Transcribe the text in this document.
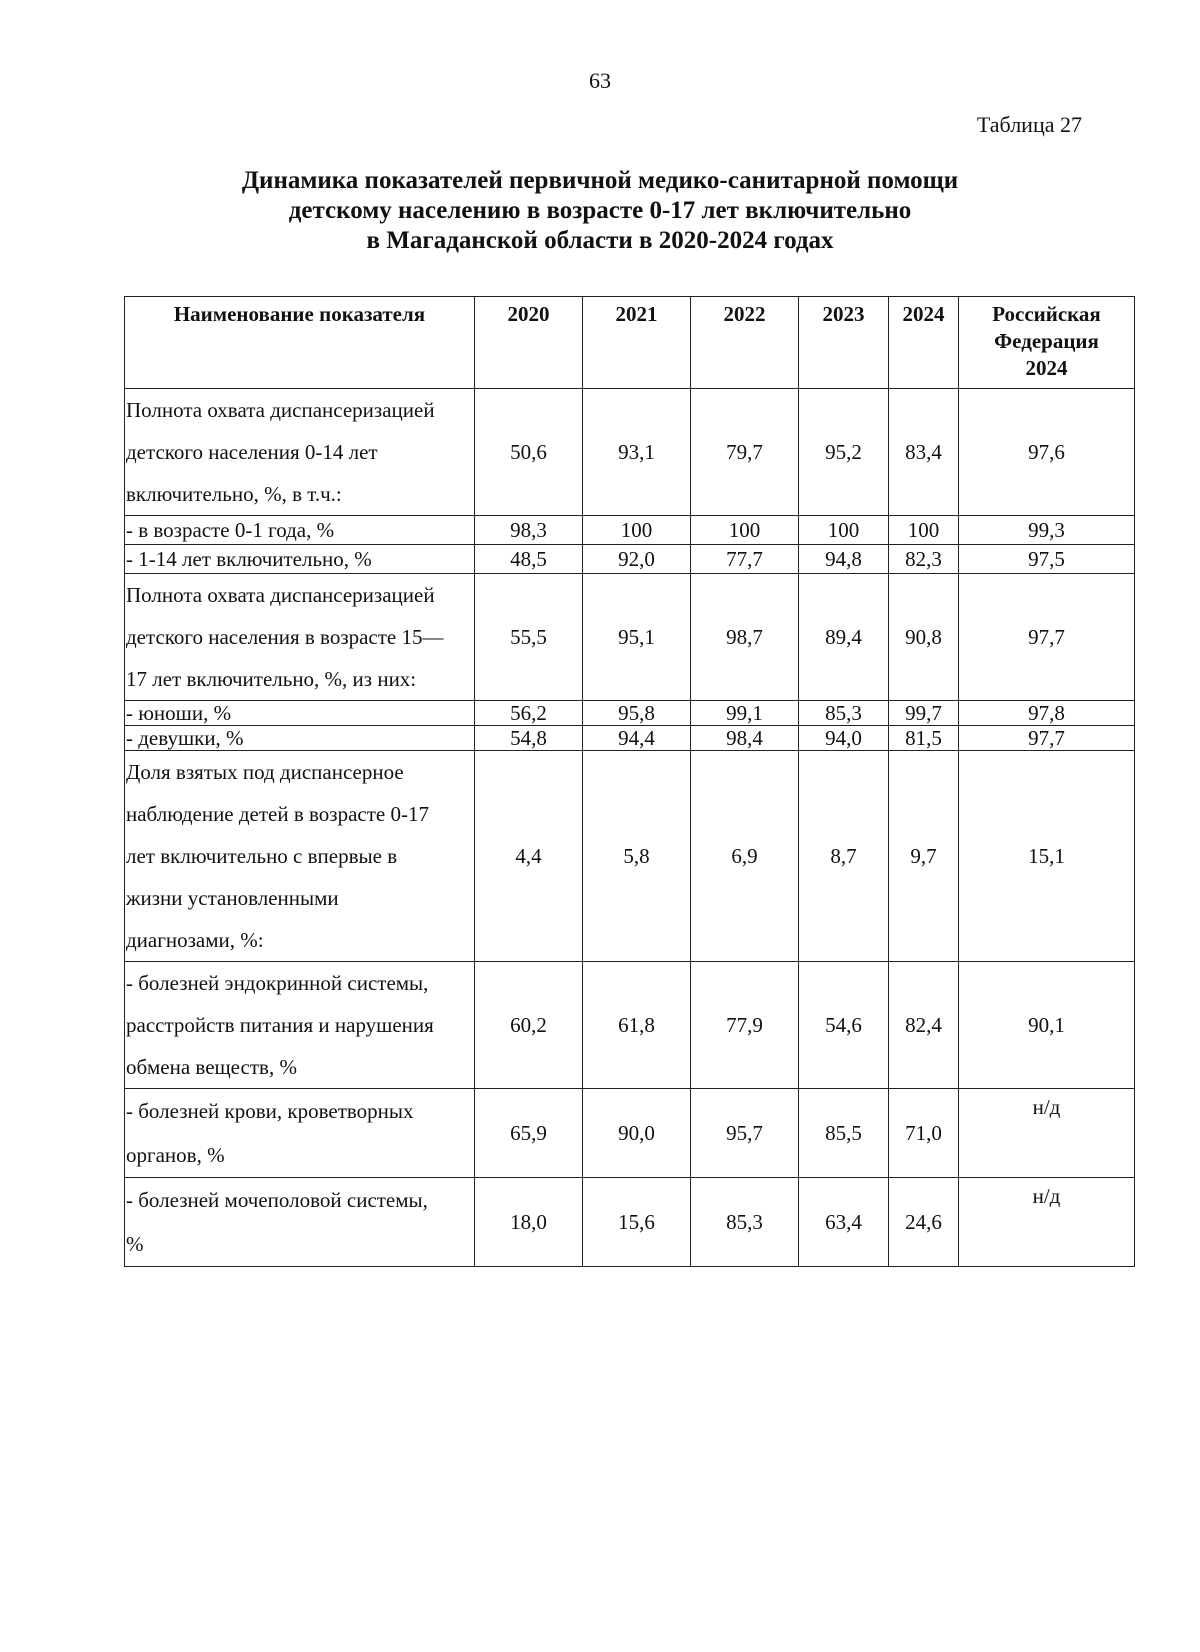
63
Таблица 27
Динамика показателей первичной медико-санитарной помощи
детскому населению в возрасте 0-17 лет включительно
в Магаданской области в 2020-2024 годах
Наименование показателя	2020	2021	2022	2023	2024	Российская
Федерация
2024

Полнота охвата диспансеризацией
детского населения 0-14 лет
включительно, %, в т.ч.:	50,6	93,1	79,7	95,2	83,4	97,6

- в возрасте 0-1 года, %	98,3	100	100	100	100	99,3

- 1-14 лет включительно, %	48,5	92,0	77,7	94,8	82,3	97,5

Полнота охвата диспансеризацией
детского населения в возрасте 15—
17 лет включительно, %, из них:	55,5	95,1	98,7	89,4	90,8	97,7

- юноши, %	56,2	95,8	99,1	85,3	99,7	97,8

- девушки, %	54,8	94,4	98,4	94,0	81,5	97,7

Доля взятых под диспансерное
наблюдение детей в возрасте 0-17
лет включительно с впервые в
жизни установленными
диагнозами, %:	4,4	5,8	6,9	8,7	9,7	15,1

- болезней эндокринной системы,
расстройств питания и нарушения
обмена веществ, %	60,2	61,8	77,9	54,6	82,4	90,1

- болезней крови, кроветворных
органов, %	65,9	90,0	95,7	85,5	71,0	н/д

- болезней мочеполовой системы,
%	18,0	15,6	85,3	63,4	24,6	н/д
